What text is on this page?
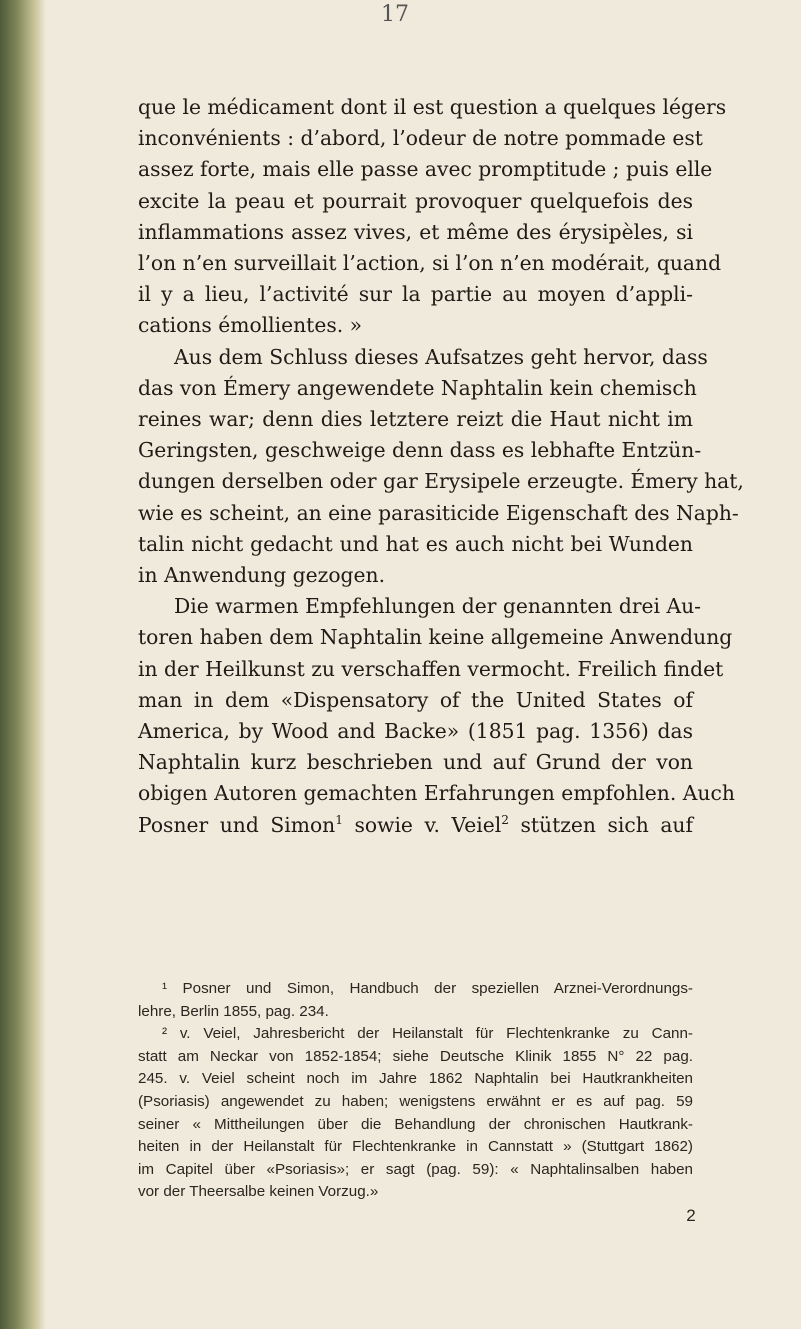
17
que le médicament dont il est question a quelques légers
inconvénients : d’abord, l’odeur de notre pommade est
assez forte, mais elle passe avec promptitude ; puis elle
excite la peau et pourrait provoquer quelquefois des
inflammations assez vives, et même des érysipèles, si
l’on n’en surveillait l’action, si l’on n’en modérait, quand
il y a lieu, l’activité sur la partie au moyen d’appli-
cations émollientes. »
Aus dem Schluss dieses Aufsatzes geht hervor, dass
das von Émery angewendete Naphtalin kein chemisch
reines war; denn dies letztere reizt die Haut nicht im
Geringsten, geschweige denn dass es lebhafte Entzün-
dungen derselben oder gar Erysipele erzeugte. Émery hat,
wie es scheint, an eine parasiticide Eigenschaft des Naph-
talin nicht gedacht und hat es auch nicht bei Wunden
in Anwendung gezogen.
Die warmen Empfehlungen der genannten drei Au-
toren haben dem Naphtalin keine allgemeine Anwendung
in der Heilkunst zu verschaffen vermocht. Freilich findet
man in dem «Dispensatory of the United States of
America, by Wood and Backe» (1851 pag. 1356) das
Naphtalin kurz beschrieben und auf Grund der von
obigen Autoren gemachten Erfahrungen empfohlen. Auch
Posner und Simon$^1$ sowie v. Veiel$^2$ stützen sich auf
¹ Posner und Simon, Handbuch der speziellen Arznei-Verordnungs-
lehre, Berlin 1855, pag. 234.
² v. Veiel, Jahresbericht der Heilanstalt für Flechtenkranke zu Cann-
statt am Neckar von 1852-1854; siehe Deutsche Klinik 1855 N° 22 pag.
245. v. Veiel scheint noch im Jahre 1862 Naphtalin bei Hautkrankheiten
(Psoriasis) angewendet zu haben; wenigstens erwähnt er es auf pag. 59
seiner « Mittheilungen über die Behandlung der chronischen Hautkrank-
heiten in der Heilanstalt für Flechtenkranke in Cannstatt » (Stuttgart 1862)
im Capitel über «Psoriasis»; er sagt (pag. 59): « Naphtalinsalben haben
vor der Theersalbe keinen Vorzug.»
2
